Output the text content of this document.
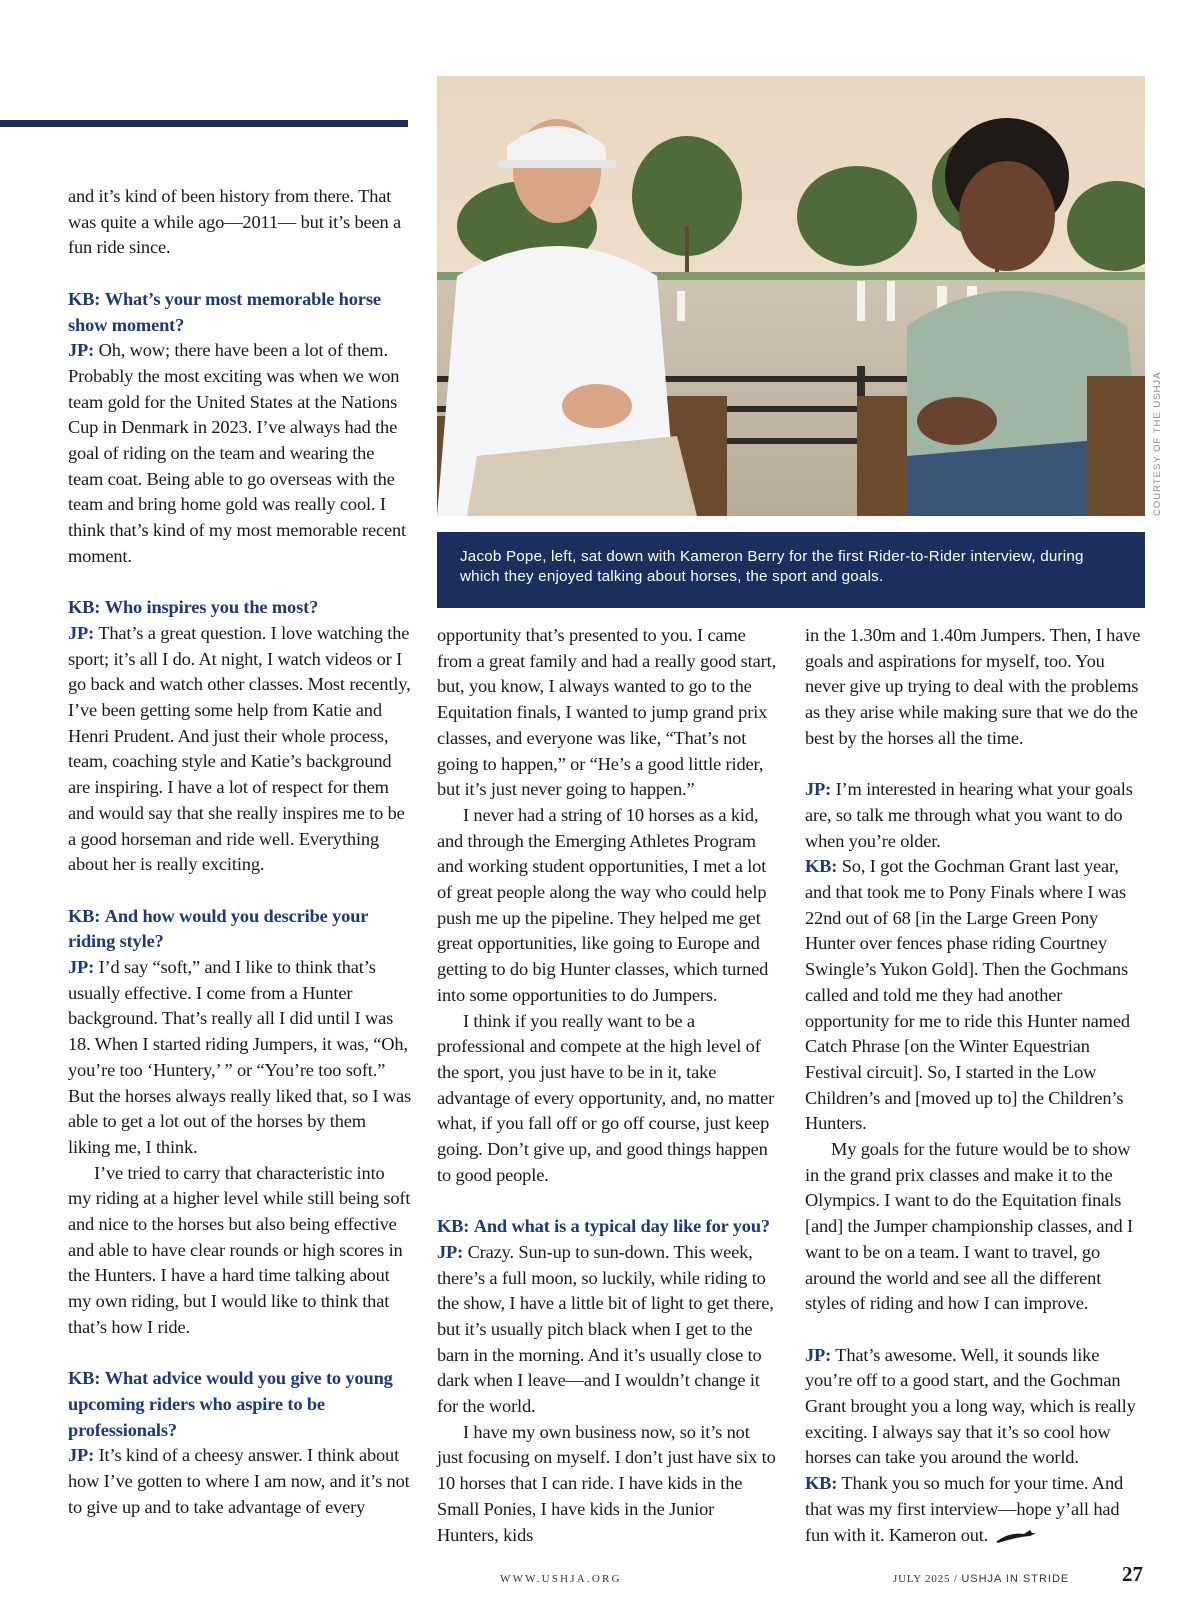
and it’s kind of been history from there. That was quite a while ago—2011— but it’s been a fun ride since.

KB: What’s your most memorable horse show moment?

JP: Oh, wow; there have been a lot of them. Probably the most exciting was when we won team gold for the United States at the Nations Cup in Denmark in 2023. I’ve always had the goal of riding on the team and wearing the team coat. Being able to go overseas with the team and bring home gold was really cool. I think that’s kind of my most memorable recent moment.

KB: Who inspires you the most?

JP: That’s a great question. I love watching the sport; it’s all I do. At night, I watch videos or I go back and watch other classes. Most recently, I’ve been getting some help from Katie and Henri Prudent. And just their whole process, team, coaching style and Katie’s background are inspiring. I have a lot of respect for them and would say that she really inspires me to be a good horseman and ride well. Everything about her is really exciting.

KB: And how would you describe your riding style?

JP: I’d say “soft,” and I like to think that’s usually effective. I come from a Hunter background. That’s really all I did until I was 18. When I started riding Jumpers, it was, “Oh, you’re too ‘Huntery,’ ” or “You’re too soft.” But the horses always really liked that, so I was able to get a lot out of the horses by them liking me, I think.

I’ve tried to carry that characteristic into my riding at a higher level while still being soft and nice to the horses but also being effective and able to have clear rounds or high scores in the Hunters. I have a hard time talking about my own riding, but I would like to think that that’s how I ride.

KB: What advice would you give to young upcoming riders who aspire to be professionals?

JP: It’s kind of a cheesy answer. I think about how I’ve gotten to where I am now, and it’s not to give up and to take advantage of every

COURTESY OF THE USHJA
Jacob Pope, left, sat down with Kameron Berry for the first Rider-to-Rider interview, during which they enjoyed talking about horses, the sport and goals.

opportunity that’s presented to you. I came from a great family and had a really good start, but, you know, I always wanted to go to the Equitation finals, I wanted to jump grand prix classes, and everyone was like, “That’s not going to happen,” or “He’s a good little rider, but it’s just never going to happen.”

I never had a string of 10 horses as a kid, and through the Emerging Athletes Program and working student opportunities, I met a lot of great people along the way who could help push me up the pipeline. They helped me get great opportunities, like going to Europe and getting to do big Hunter classes, which turned into some opportunities to do Jumpers.

I think if you really want to be a professional and compete at the high level of the sport, you just have to be in it, take advantage of every opportunity, and, no matter what, if you fall off or go off course, just keep going. Don’t give up, and good things happen to good people.

KB: And what is a typical day like for you?

JP: Crazy. Sun-up to sun-down. This week, there’s a full moon, so luckily, while riding to the show, I have a little bit of light to get there, but it’s usually pitch black when I get to the barn in the morning. And it’s usually close to dark when I leave—and I wouldn’t change it for the world.

I have my own business now, so it’s not just focusing on myself. I don’t just have six to 10 horses that I can ride. I have kids in the Small Ponies, I have kids in the Junior Hunters, kids

in the 1.30m and 1.40m Jumpers. Then, I have goals and aspirations for myself, too. You never give up trying to deal with the problems as they arise while making sure that we do the best by the horses all the time.

JP: I’m interested in hearing what your goals are, so talk me through what you want to do when you’re older.

KB: So, I got the Gochman Grant last year, and that took me to Pony Finals where I was 22nd out of 68 [in the Large Green Pony Hunter over fences phase riding Courtney Swingle’s Yukon Gold]. Then the Gochmans called and told me they had another opportunity for me to ride this Hunter named Catch Phrase [on the Winter Equestrian Festival circuit]. So, I started in the Low Children’s and [moved up to] the Children’s Hunters.

My goals for the future would be to show in the grand prix classes and make it to the Olympics. I want to do the Equitation finals [and] the Jumper championship classes, and I want to be on a team. I want to travel, go around the world and see all the different styles of riding and how I can improve.

JP: That’s awesome. Well, it sounds like you’re off to a good start, and the Gochman Grant brought you a long way, which is really exciting. I always say that it’s so cool how horses can take you around the world.

KB: Thank you so much for your time. And that was my first interview—hope y’all had fun with it. Kameron out.

WWW.USHJA.ORG	JULY 2025 / USHJA IN STRIDE	27
